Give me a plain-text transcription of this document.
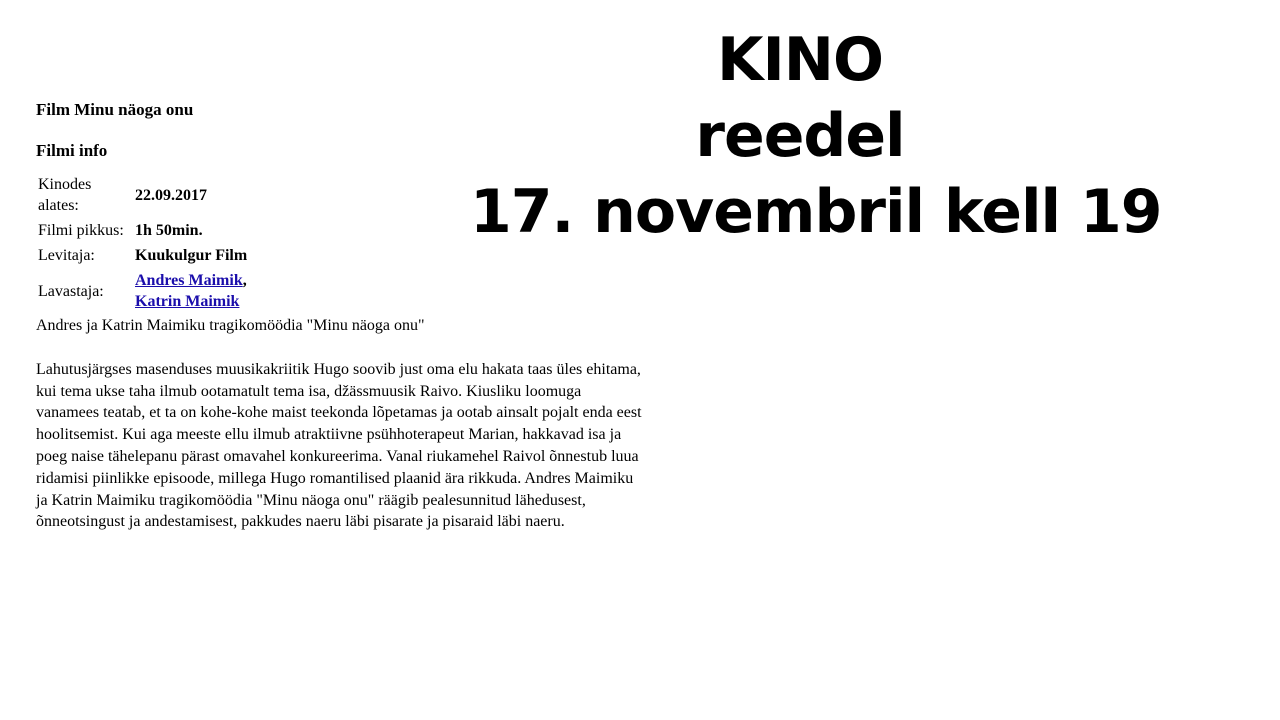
KINO
reedel
17. novembril kell 19
Film Minu näoga onu
Filmi info
Kinodes alates:	22.09.2017
Filmi pikkus:	1h 50min.
Levitaja:	Kuukulgur Film
Lavastaja:	Andres Maimik,
Katrin Maimik

Andres ja Katrin Maimiku tragikomöödia "Minu näoga onu"

Lahutusjärgses masenduses muusikakriitik Hugo soovib just oma elu hakata taas üles ehitama, kui tema ukse taha ilmub ootamatult tema isa, džässmuusik Raivo. Kiusliku loomuga vanamees teatab, et ta on kohe-kohe maist teekonda lõpetamas ja ootab ainsalt pojalt enda eest hoolitsemist. Kui aga meeste ellu ilmub atraktiivne psühhoterapeut Marian, hakkavad isa ja poeg naise tähelepanu pärast omavahel konkureerima. Vanal riukamehel Raivol õnnestub luua ridamisi piinlikke episoode, millega Hugo romantilised plaanid ära rikkuda. Andres Maimiku ja Katrin Maimiku tragikomöödia "Minu näoga onu" räägib pealesunnitud lähedusest, õnneotsingust ja andestamisest, pakkudes naeru läbi pisarate ja pisaraid läbi naeru.
